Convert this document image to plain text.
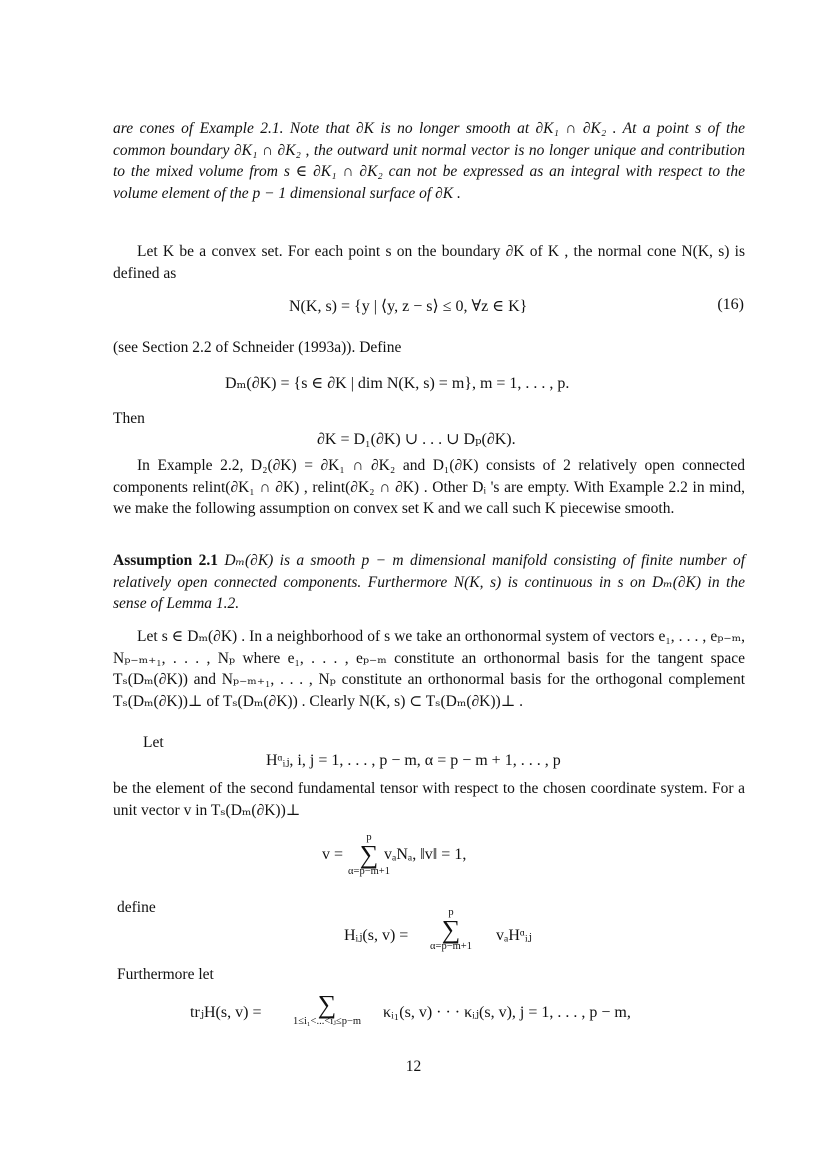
are cones of Example 2.1. Note that ∂K is no longer smooth at ∂K₁ ∩ ∂K₂ . At a point s of the common boundary ∂K₁ ∩ ∂K₂ , the outward unit normal vector is no longer unique and contribution to the mixed volume from s ∈ ∂K₁ ∩ ∂K₂ can not be expressed as an integral with respect to the volume element of the p − 1 dimensional surface of ∂K .
Let K be a convex set. For each point s on the boundary ∂K of K , the normal cone N(K, s) is defined as
N(K, s) = {y | ⟨y, z − s⟩ ≤ 0, ∀z ∈ K}	(16)
(see Section 2.2 of Schneider (1993a)). Define
Dₘ(∂K) = {s ∈ ∂K | dim N(K, s) = m}, m = 1, . . . , p.
Then
∂K = D₁(∂K) ∪ . . . ∪ Dₚ(∂K).
In Example 2.2, D₂(∂K) = ∂K₁ ∩ ∂K₂ and D₁(∂K) consists of 2 relatively open connected components relint(∂K₁ ∩ ∂K) , relint(∂K₂ ∩ ∂K) . Other Dᵢ 's are empty. With Example 2.2 in mind, we make the following assumption on convex set K and we call such K piecewise smooth.
Assumption 2.1 Dₘ(∂K) is a smooth p − m dimensional manifold consisting of finite number of relatively open connected components. Furthermore N(K, s) is continuous in s on Dₘ(∂K) in the sense of Lemma 1.2.
Let s ∈ Dₘ(∂K) . In a neighborhood of s we take an orthonormal system of vectors e₁, . . . , eₚ₋ₘ, Nₚ₋ₘ₊₁, . . . , Nₚ where e₁, . . . , eₚ₋ₘ constitute an orthonormal basis for the tangent space Tₛ(Dₘ(∂K)) and Nₚ₋ₘ₊₁, . . . , Nₚ constitute an orthonormal basis for the orthogonal complement Tₛ(Dₘ(∂K))⊥ of Tₛ(Dₘ(∂K)) . Clearly N(K, s) ⊂ Tₛ(Dₘ(∂K))⊥ .
Let
Hᵅᵢⱼ, i, j = 1, . . . , p − m, α = p − m + 1, . . . , p
be the element of the second fundamental tensor with respect to the chosen coordinate system. For a unit vector v in Tₛ(Dₘ(∂K))⊥
v =
p
∑
α=p−m+1
vₐNₐ, ‖v‖ = 1,
define
Hᵢⱼ(s, v) =
p
∑
α=p−m+1
vₐHᵅᵢⱼ
Furthermore let
trⱼH(s, v) =	∑
1≤i₁<...<iⱼ≤p−m
κᵢ₁(s, v) · · · κᵢⱼ(s, v), j = 1, . . . , p − m,
12
